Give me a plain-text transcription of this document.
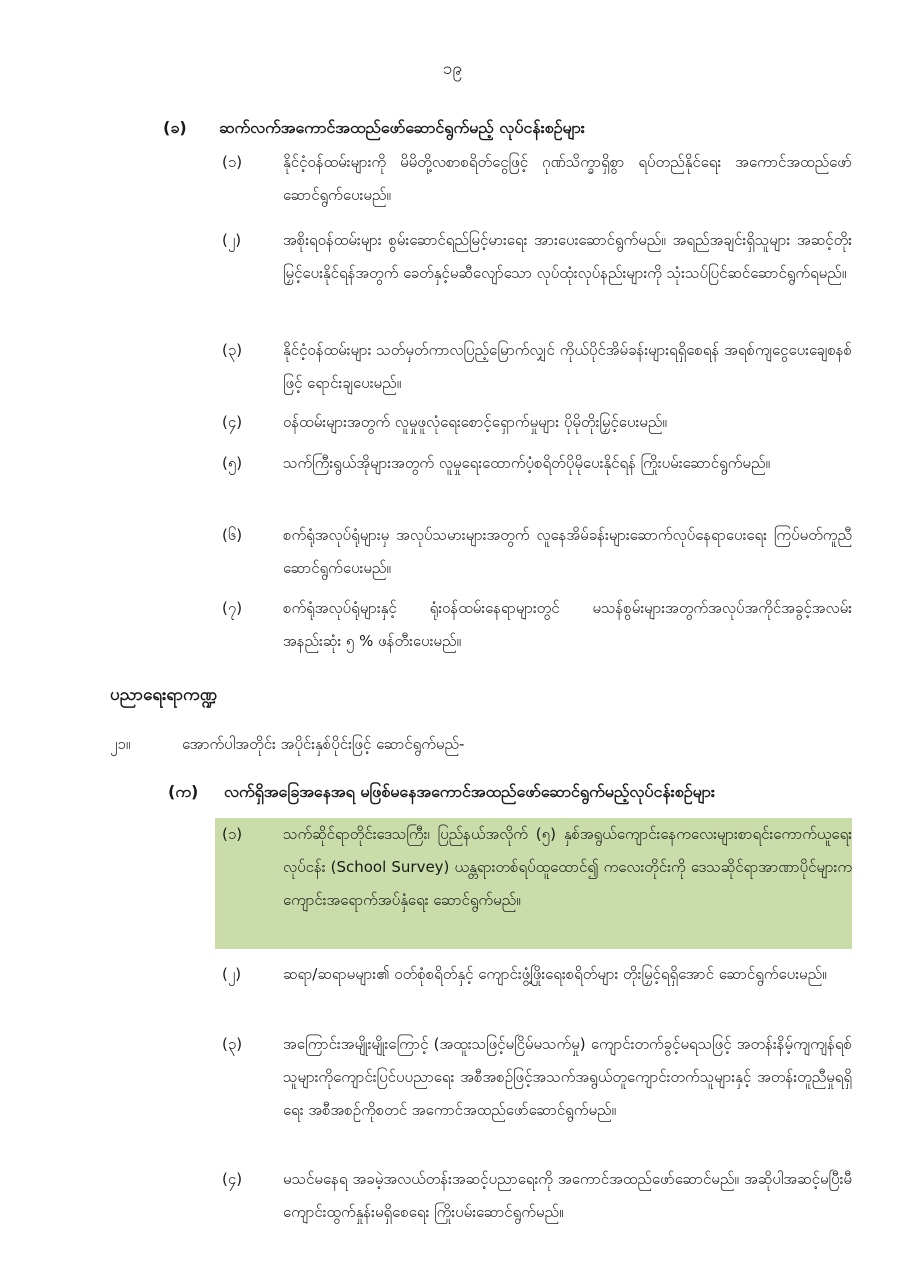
၁၉
(ခ) ဆက်လက်အကောင်အထည်ဖော်ဆောင်ရွက်မည့် လုပ်ငန်းစဉ်များ
(၁)	နိုင်ငံ့ဝန်ထမ်းများကို မိမိတို့လစာစရိတ်ငွေဖြင့် ဂုဏ်သိက္ခာရှိစွာ ရပ်တည်နိုင်ရေး အကောင်အထည်ဖော်ဆောင်ရွက်ပေးမည်။
(၂)	အစိုးရဝန်ထမ်းများ စွမ်းဆောင်ရည်မြင့်မားရေး အားပေးဆောင်ရွက်မည်။ အရည်အချင်းရှိသူများ အဆင့်တိုးမြှင့်ပေးနိုင်ရန်အတွက် ခေတ်နှင့်မဆီလျော်သော လုပ်ထုံးလုပ်နည်းများကို သုံးသပ်ပြင်ဆင်ဆောင်ရွက်ရမည်။
(၃)	နိုင်ငံ့ဝန်ထမ်းများ သတ်မှတ်ကာလပြည့်မြောက်လျှင် ကိုယ်ပိုင်အိမ်ခန်းများရရှိစေရန် အရစ်ကျငွေပေးချေစနစ်ဖြင့် ရောင်းချပေးမည်။
(၄)	ဝန်ထမ်းများအတွက် လူမှုဖူလုံရေးစောင့်ရှောက်မှုများ ပိုမိုတိုးမြှင့်ပေးမည်။
(၅)	သက်ကြီးရွယ်အိုများအတွက် လူမှုရေးထောက်ပံ့စရိတ်ပိုမိုပေးနိုင်ရန် ကြိုးပမ်းဆောင်ရွက်မည်။
(၆)	စက်ရုံအလုပ်ရုံများမှ အလုပ်သမားများအတွက် လူနေအိမ်ခန်းများဆောက်လုပ်နေရာပေးရေး ကြပ်မတ်ကူညီဆောင်ရွက်ပေးမည်။
(၇)	စက်ရုံအလုပ်ရုံများနှင့် ရုံးဝန်ထမ်းနေရာများတွင် မသန်စွမ်းများအတွက်အလုပ်အကိုင်အခွင့်အလမ်း အနည်းဆုံး ၅ % ဖန်တီးပေးမည်။
ပညာရေးရာကဏ္ဍ
၂၁။	အောက်ပါအတိုင်း အပိုင်းနှစ်ပိုင်းဖြင့် ဆောင်ရွက်မည်-
(က) လက်ရှိအခြေအနေအရ မဖြစ်မနေအကောင်အထည်ဖော်ဆောင်ရွက်မည့်လုပ်ငန်းစဉ်များ
(၁)	သက်ဆိုင်ရာတိုင်းဒေသကြီး၊ ပြည်နယ်အလိုက် (၅) နှစ်အရွယ်ကျောင်းနေကလေးများစာရင်းကောက်ယူရေးလုပ်ငန်း (School Survey) ယန္တရားတစ်ရပ်ထူထောင်၍ ကလေးတိုင်းကို ဒေသဆိုင်ရာအာဏာပိုင်များက ကျောင်းအရောက်အပ်နှံရေး ဆောင်ရွက်မည်။
(၂)	ဆရာ/ဆရာမများ၏ ဝတ်စုံစရိတ်နှင့် ကျောင်းဖွံ့ဖြိုးရေးစရိတ်များ တိုးမြှင့်ရရှိအောင် ဆောင်ရွက်ပေးမည်။
(၃)	အကြောင်းအမျိုးမျိုးကြောင့် (အထူးသဖြင့်မငြိမ်မသက်မှု) ကျောင်းတက်ခွင့်မရသဖြင့် အတန်းနိမ့်ကျကျန်ရစ်သူများကိုကျောင်းပြင်ပပညာရေး အစီအစဉ်ဖြင့်အသက်အရွယ်တူကျောင်းတက်သူများနှင့် အတန်းတူညီမှုရရှိရေး အစီအစဉ်ကိုစတင် အကောင်အထည်ဖော်ဆောင်ရွက်မည်။
(၄)	မသင်မနေရ အခမဲ့အလယ်တန်းအဆင့်ပညာရေးကို အကောင်အထည်ဖော်ဆောင်မည်။ အဆိုပါအဆင့်မပြီးမီကျောင်းထွက်နှုန်းမရှိစေရေး ကြိုးပမ်းဆောင်ရွက်မည်။
